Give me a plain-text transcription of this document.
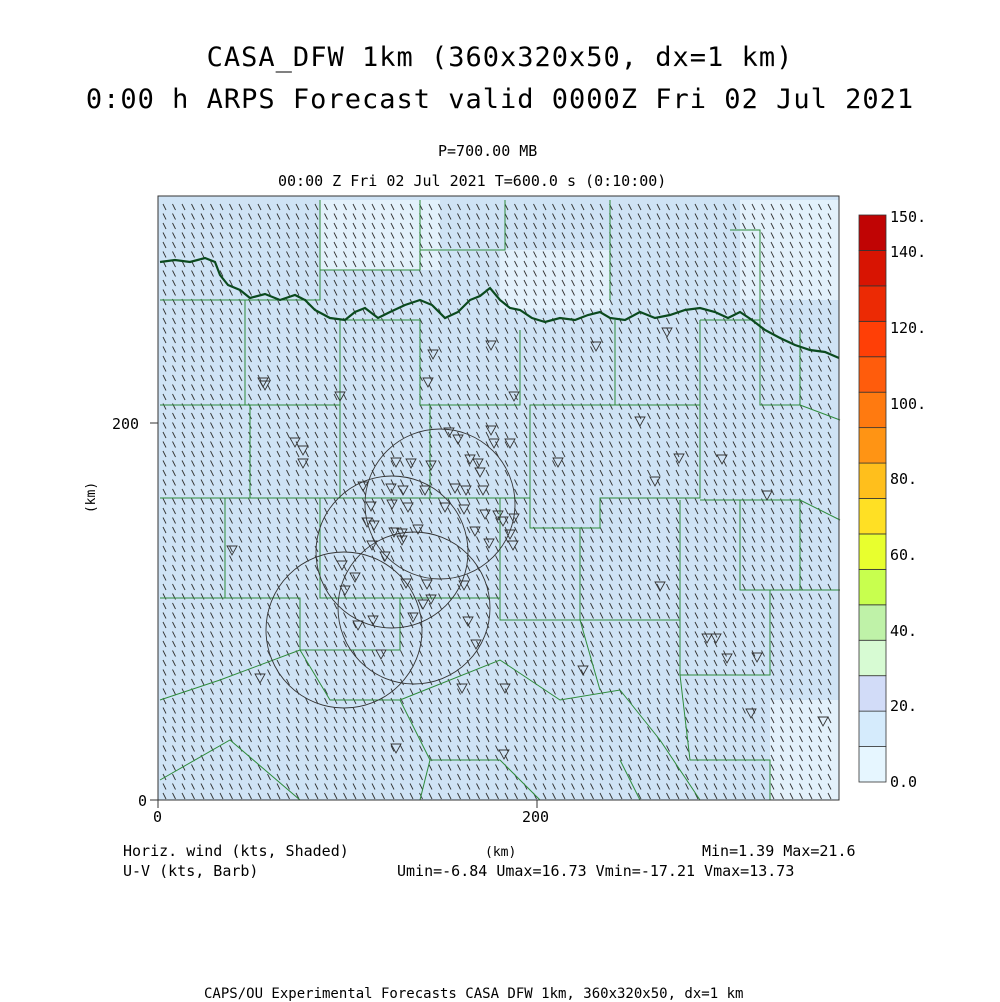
CASA_DFW 1km (360x320x50, dx=1 km)
0:00 h ARPS Forecast valid 0000Z Fri 02 Jul 2021
P=700.00 MB
00:00 Z Fri 02 Jul 2021 T=600.0 s (0:10:00)
200
0
0	200
(km)
(km)
150.
140.
120.
100.
80.
60.
40.
20.
0.0
Horiz. wind (kts, Shaded)
U-V (kts, Barb)
Min=1.39 Max=21.6
Umin=-6.84 Umax=16.73 Vmin=-17.21 Vmax=13.73
CAPS/OU Experimental Forecasts CASA DFW 1km, 360x320x50, dx=1 km
